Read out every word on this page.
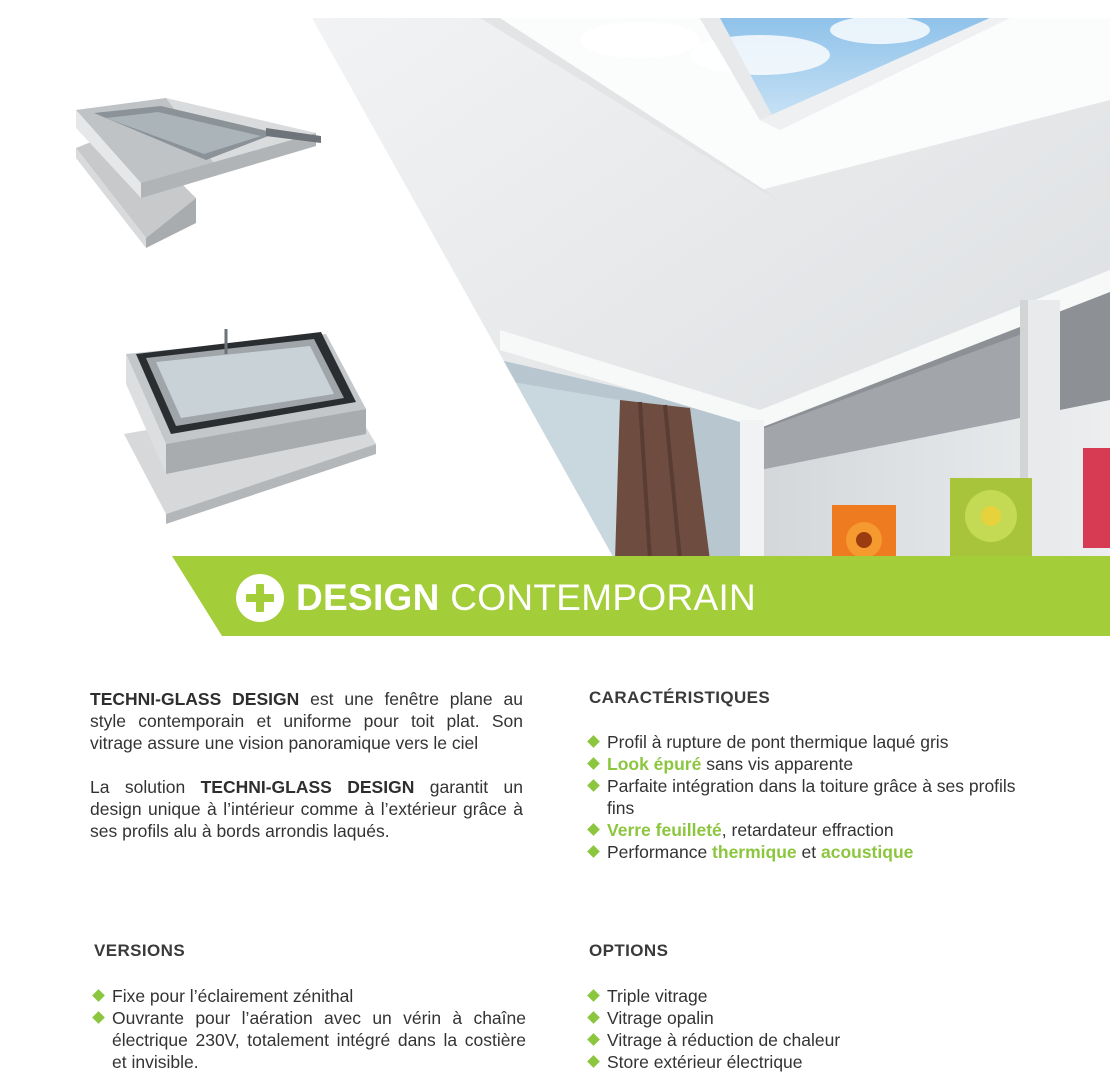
DESIGN CONTEMPORAIN

TECHNI-GLASS DESIGN est une fenêtre plane au style contemporain et uniforme pour toit plat. Son vitrage assure une vision panoramique vers le ciel

La solution TECHNI-GLASS DESIGN garantit un design unique à l’intérieur comme à l’extérieur grâce à ses profils alu à bords arrondis laqués.

CARACTÉRISTIQUES
Profil à rupture de pont thermique laqué gris
Look épuré sans vis apparente
Parfaite intégration dans la toiture grâce à ses profils fins
Verre feuilleté, retardateur effraction
Performance thermique et acoustique
VERSIONS
Fixe pour l’éclairement zénithal
Ouvrante pour l’aération avec un vérin à chaîne électrique 230V, totalement intégré dans la costière et invisible.
OPTIONS
Triple vitrage
Vitrage opalin
Vitrage à réduction de chaleur
Store extérieur électrique
